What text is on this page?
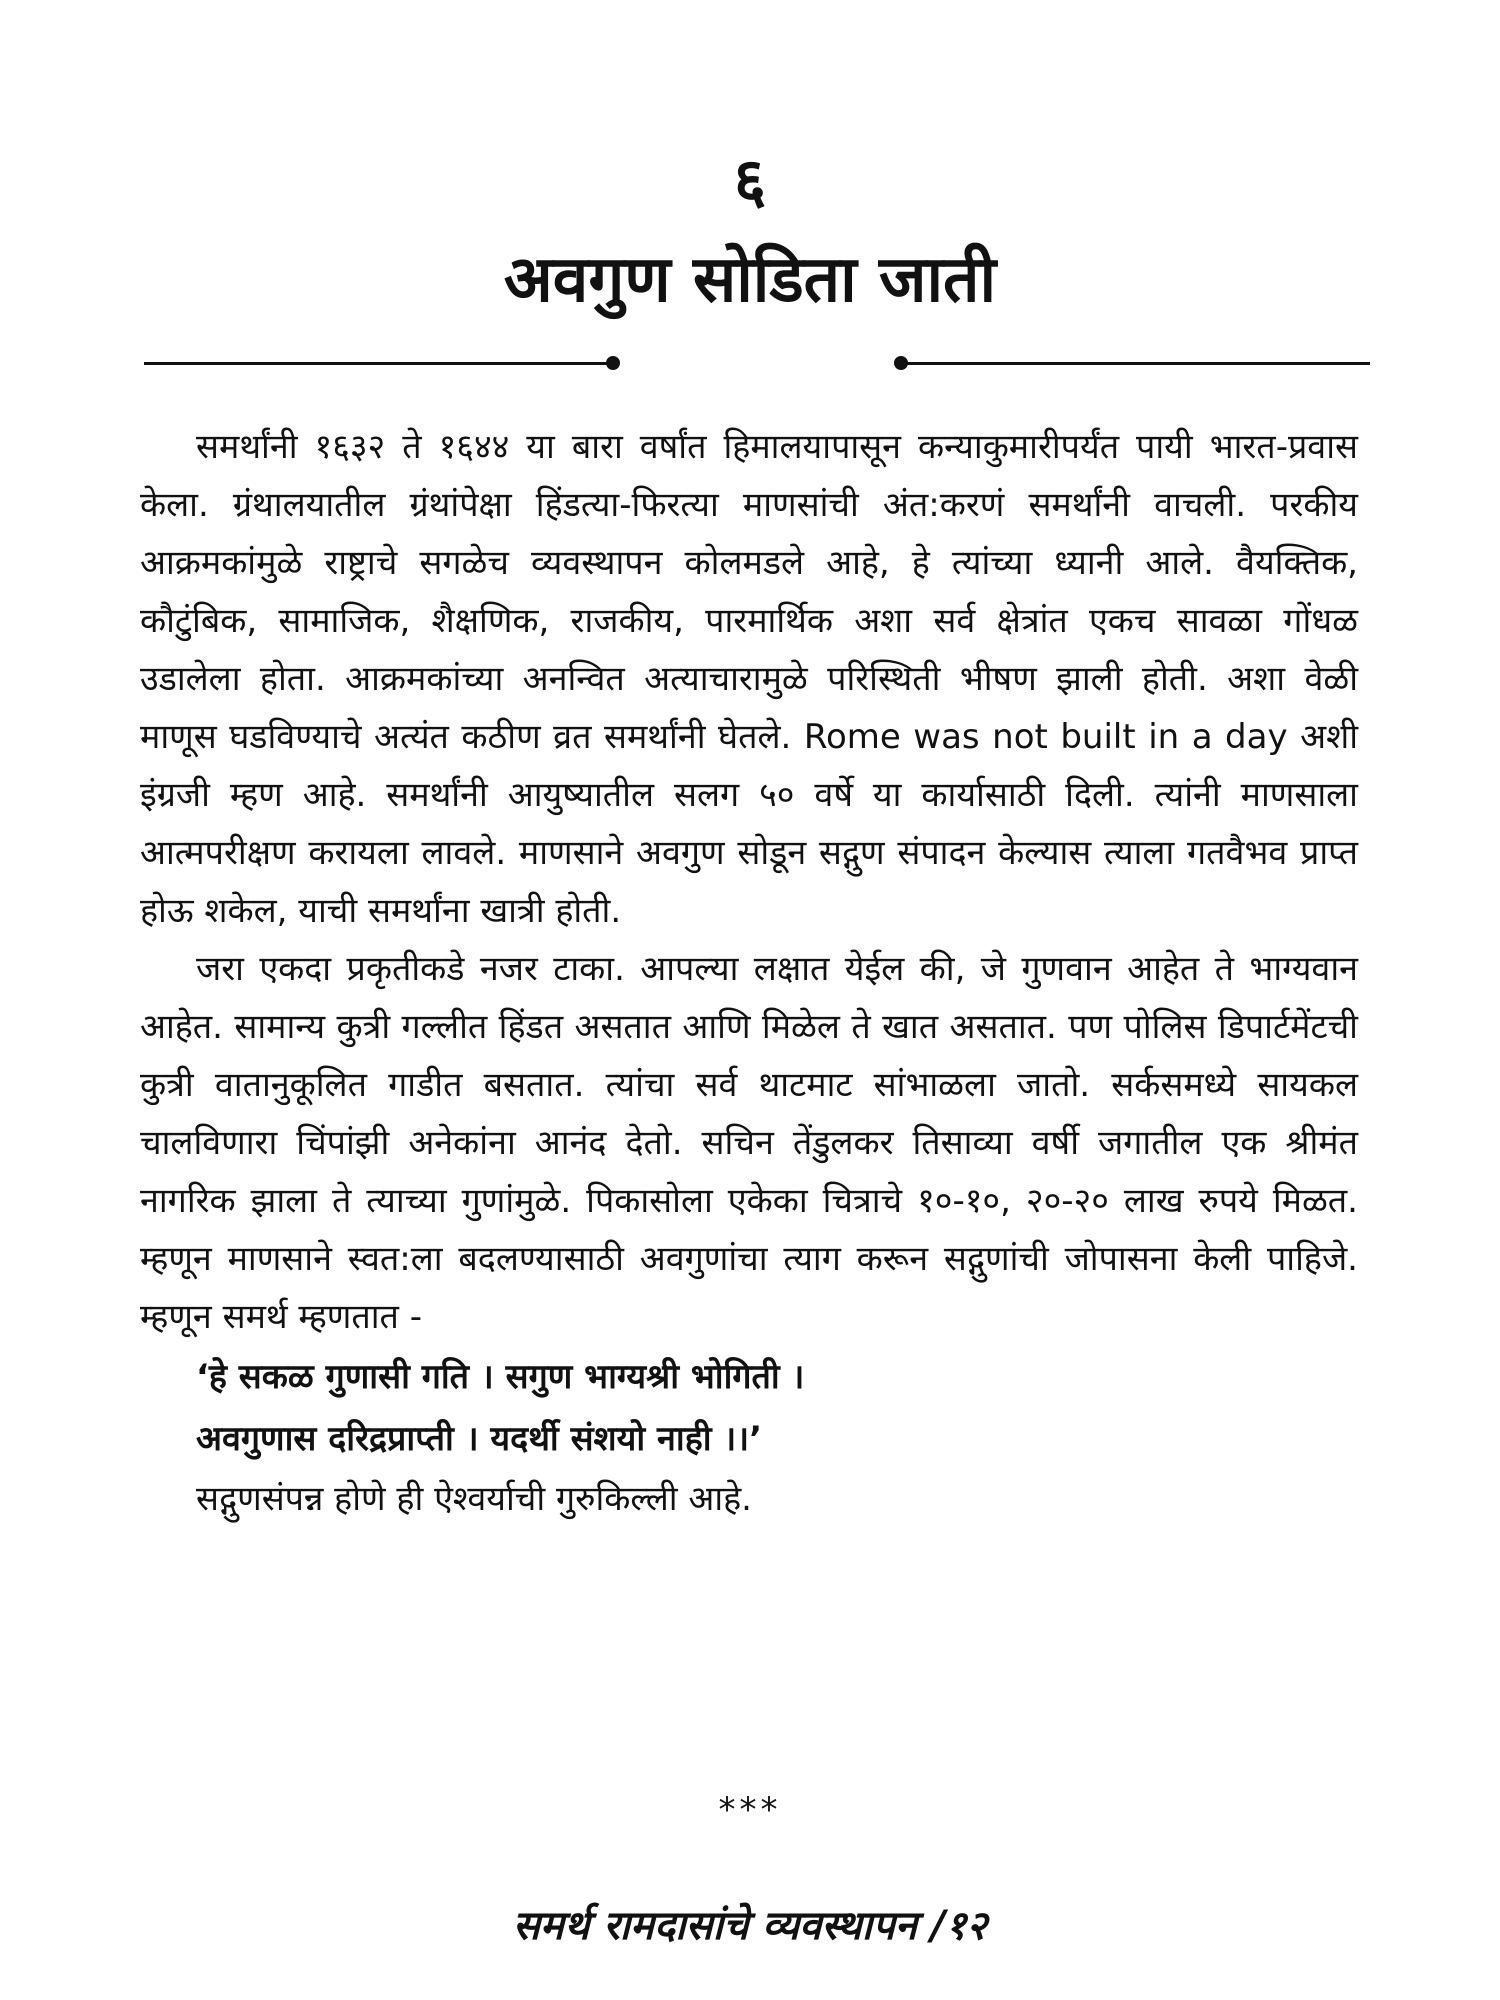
६
अवगुण सोडिता जाती

समर्थांनी १६३२ ते १६४४ या बारा वर्षांत हिमालयापासून कन्याकुमारीपर्यंत पायी भारत-प्रवास केला. ग्रंथालयातील ग्रंथांपेक्षा हिंडत्या-फिरत्या माणसांची अंत:करणं समर्थांनी वाचली. परकीय आक्रमकांमुळे राष्ट्राचे सगळेच व्यवस्थापन कोलमडले आहे, हे त्यांच्या ध्यानी आले. वैयक्तिक, कौटुंबिक, सामाजिक, शैक्षणिक, राजकीय, पारमार्थिक अशा सर्व क्षेत्रांत एकच सावळा गोंधळ उडालेला होता. आक्रमकांच्या अनन्वित अत्याचारामुळे परिस्थिती भीषण झाली होती. अशा वेळी माणूस घडविण्याचे अत्यंत कठीण व्रत समर्थांनी घेतले. Rome was not built in a day अशी इंग्रजी म्हण आहे. समर्थांनी आयुष्यातील सलग ५० वर्षे या कार्यासाठी दिली. त्यांनी माणसाला आत्मपरीक्षण करायला लावले. माणसाने अवगुण सोडून सद्गुण संपादन केल्यास त्याला गतवैभव प्राप्त होऊ शकेल, याची समर्थांना खात्री होती.

जरा एकदा प्रकृतीकडे नजर टाका. आपल्या लक्षात येईल की, जे गुणवान आहेत ते भाग्यवान आहेत. सामान्य कुत्री गल्लीत हिंडत असतात आणि मिळेल ते खात असतात. पण पोलिस डिपार्टमेंटची कुत्री वातानुकूलित गाडीत बसतात. त्यांचा सर्व थाटमाट सांभाळला जातो. सर्कसमध्ये सायकल चालविणारा चिंपांझी अनेकांना आनंद देतो. सचिन तेंडुलकर तिसाव्या वर्षी जगातील एक श्रीमंत नागरिक झाला ते त्याच्या गुणांमुळे. पिकासोला एकेका चित्राचे १०-१०, २०-२० लाख रुपये मिळत. म्हणून माणसाने स्वत:ला बदलण्यासाठी अवगुणांचा त्याग करून सद्गुणांची जोपासना केली पाहिजे. म्हणून समर्थ म्हणतात -

‘हे सकळ गुणासी गति । सगुण भाग्यश्री भोगिती ।

अवगुणास दरिद्रप्राप्ती । यदर्थी संशयो नाही ।।’

सद्गुणसंपन्न होणे ही ऐश्वर्याची गुरुकिल्ली आहे.

***
समर्थ रामदासांचे व्यवस्थापन /१२
